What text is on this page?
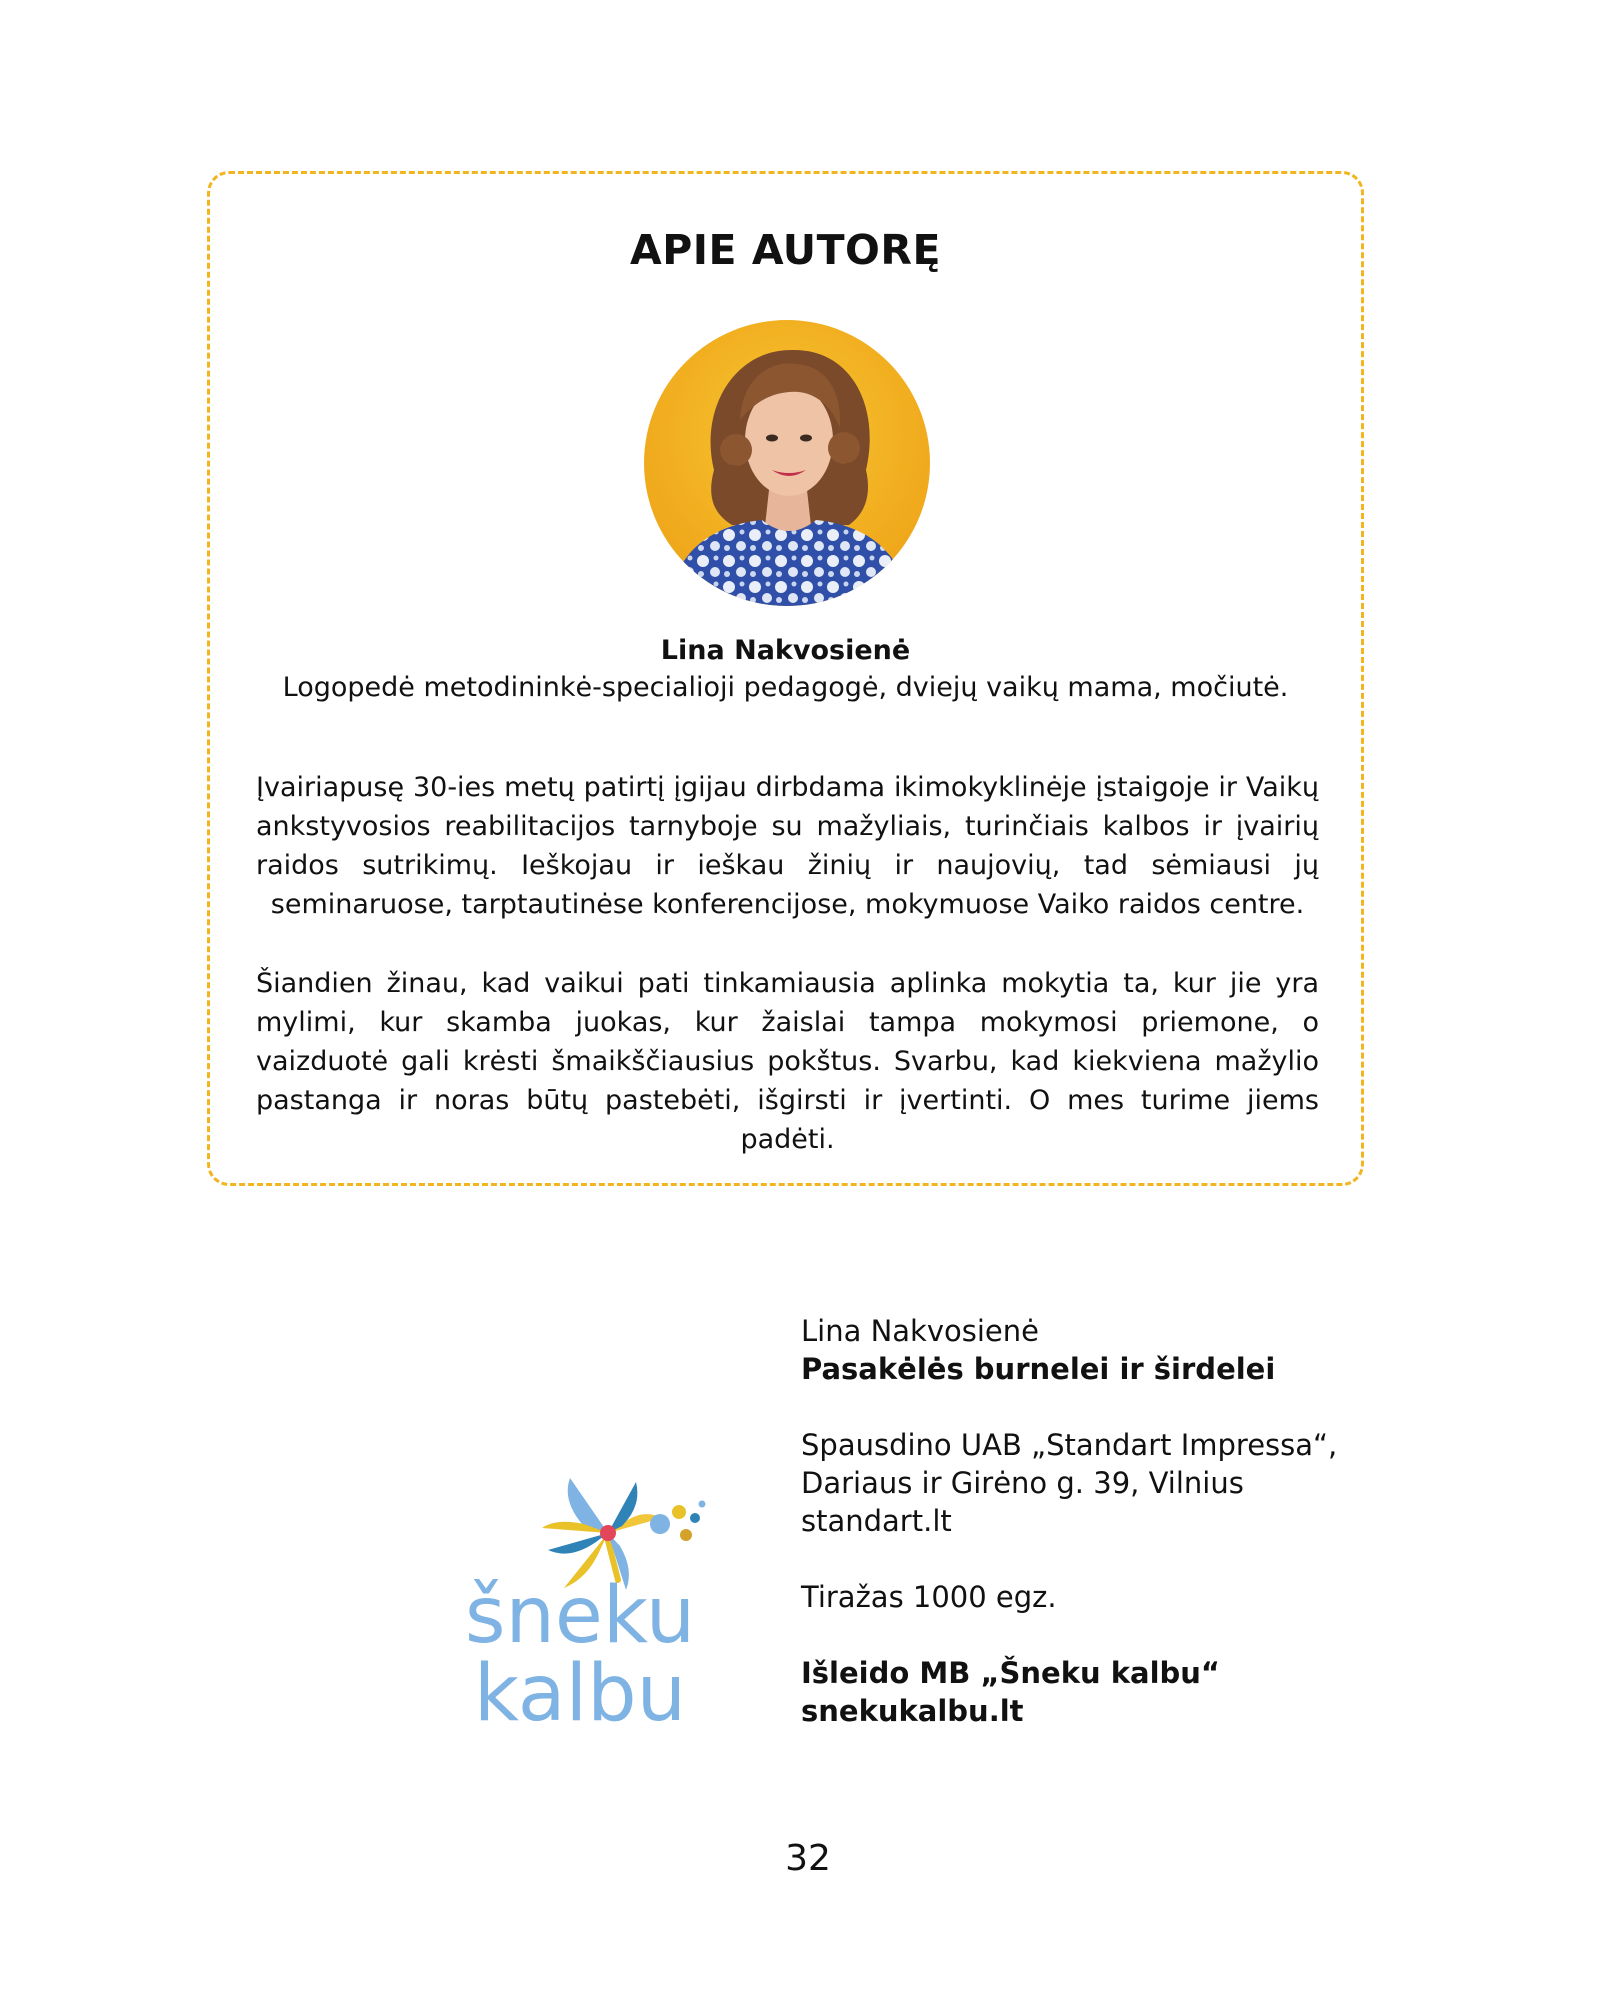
APIE AUTORĘ
Lina Nakvosienė
Logopedė metodininkė-specialioji pedagogė, dviejų vaikų mama, močiutė.

Įvairiapusę 30-ies metų patirtį įgijau dirbdama ikimokyklinėje įstaigoje ir Vaikų ankstyvosios reabilitacijos tarnyboje su mažyliais, turinčiais kalbos ir įvairių raidos sutrikimų. Ieškojau ir ieškau žinių ir naujovių, tad sėmiausi jų seminaruose, tarptautinėse konferencijose, mokymuose Vaiko raidos centre.

Šiandien žinau, kad vaikui pati tinkamiausia aplinka mokytia ta, kur jie yra mylimi, kur skamba juokas, kur žaislai tampa mokymosi priemone, o vaizduotė gali krėsti šmaikščiausius pokštus. Svarbu, kad kiekviena mažylio pastanga ir noras būtų pastebėti, išgirsti ir įvertinti. O mes turime jiems padėti.

šneku
kalbu
Lina Nakvosienė
Pasakėlės burnelei ir širdelei
Spausdino UAB „Standart Impressa“,
Dariaus ir Girėno g. 39, Vilnius
standart.lt
Tiražas 1000 egz.
Išleido MB „Šneku kalbu“
snekukalbu.lt
32
